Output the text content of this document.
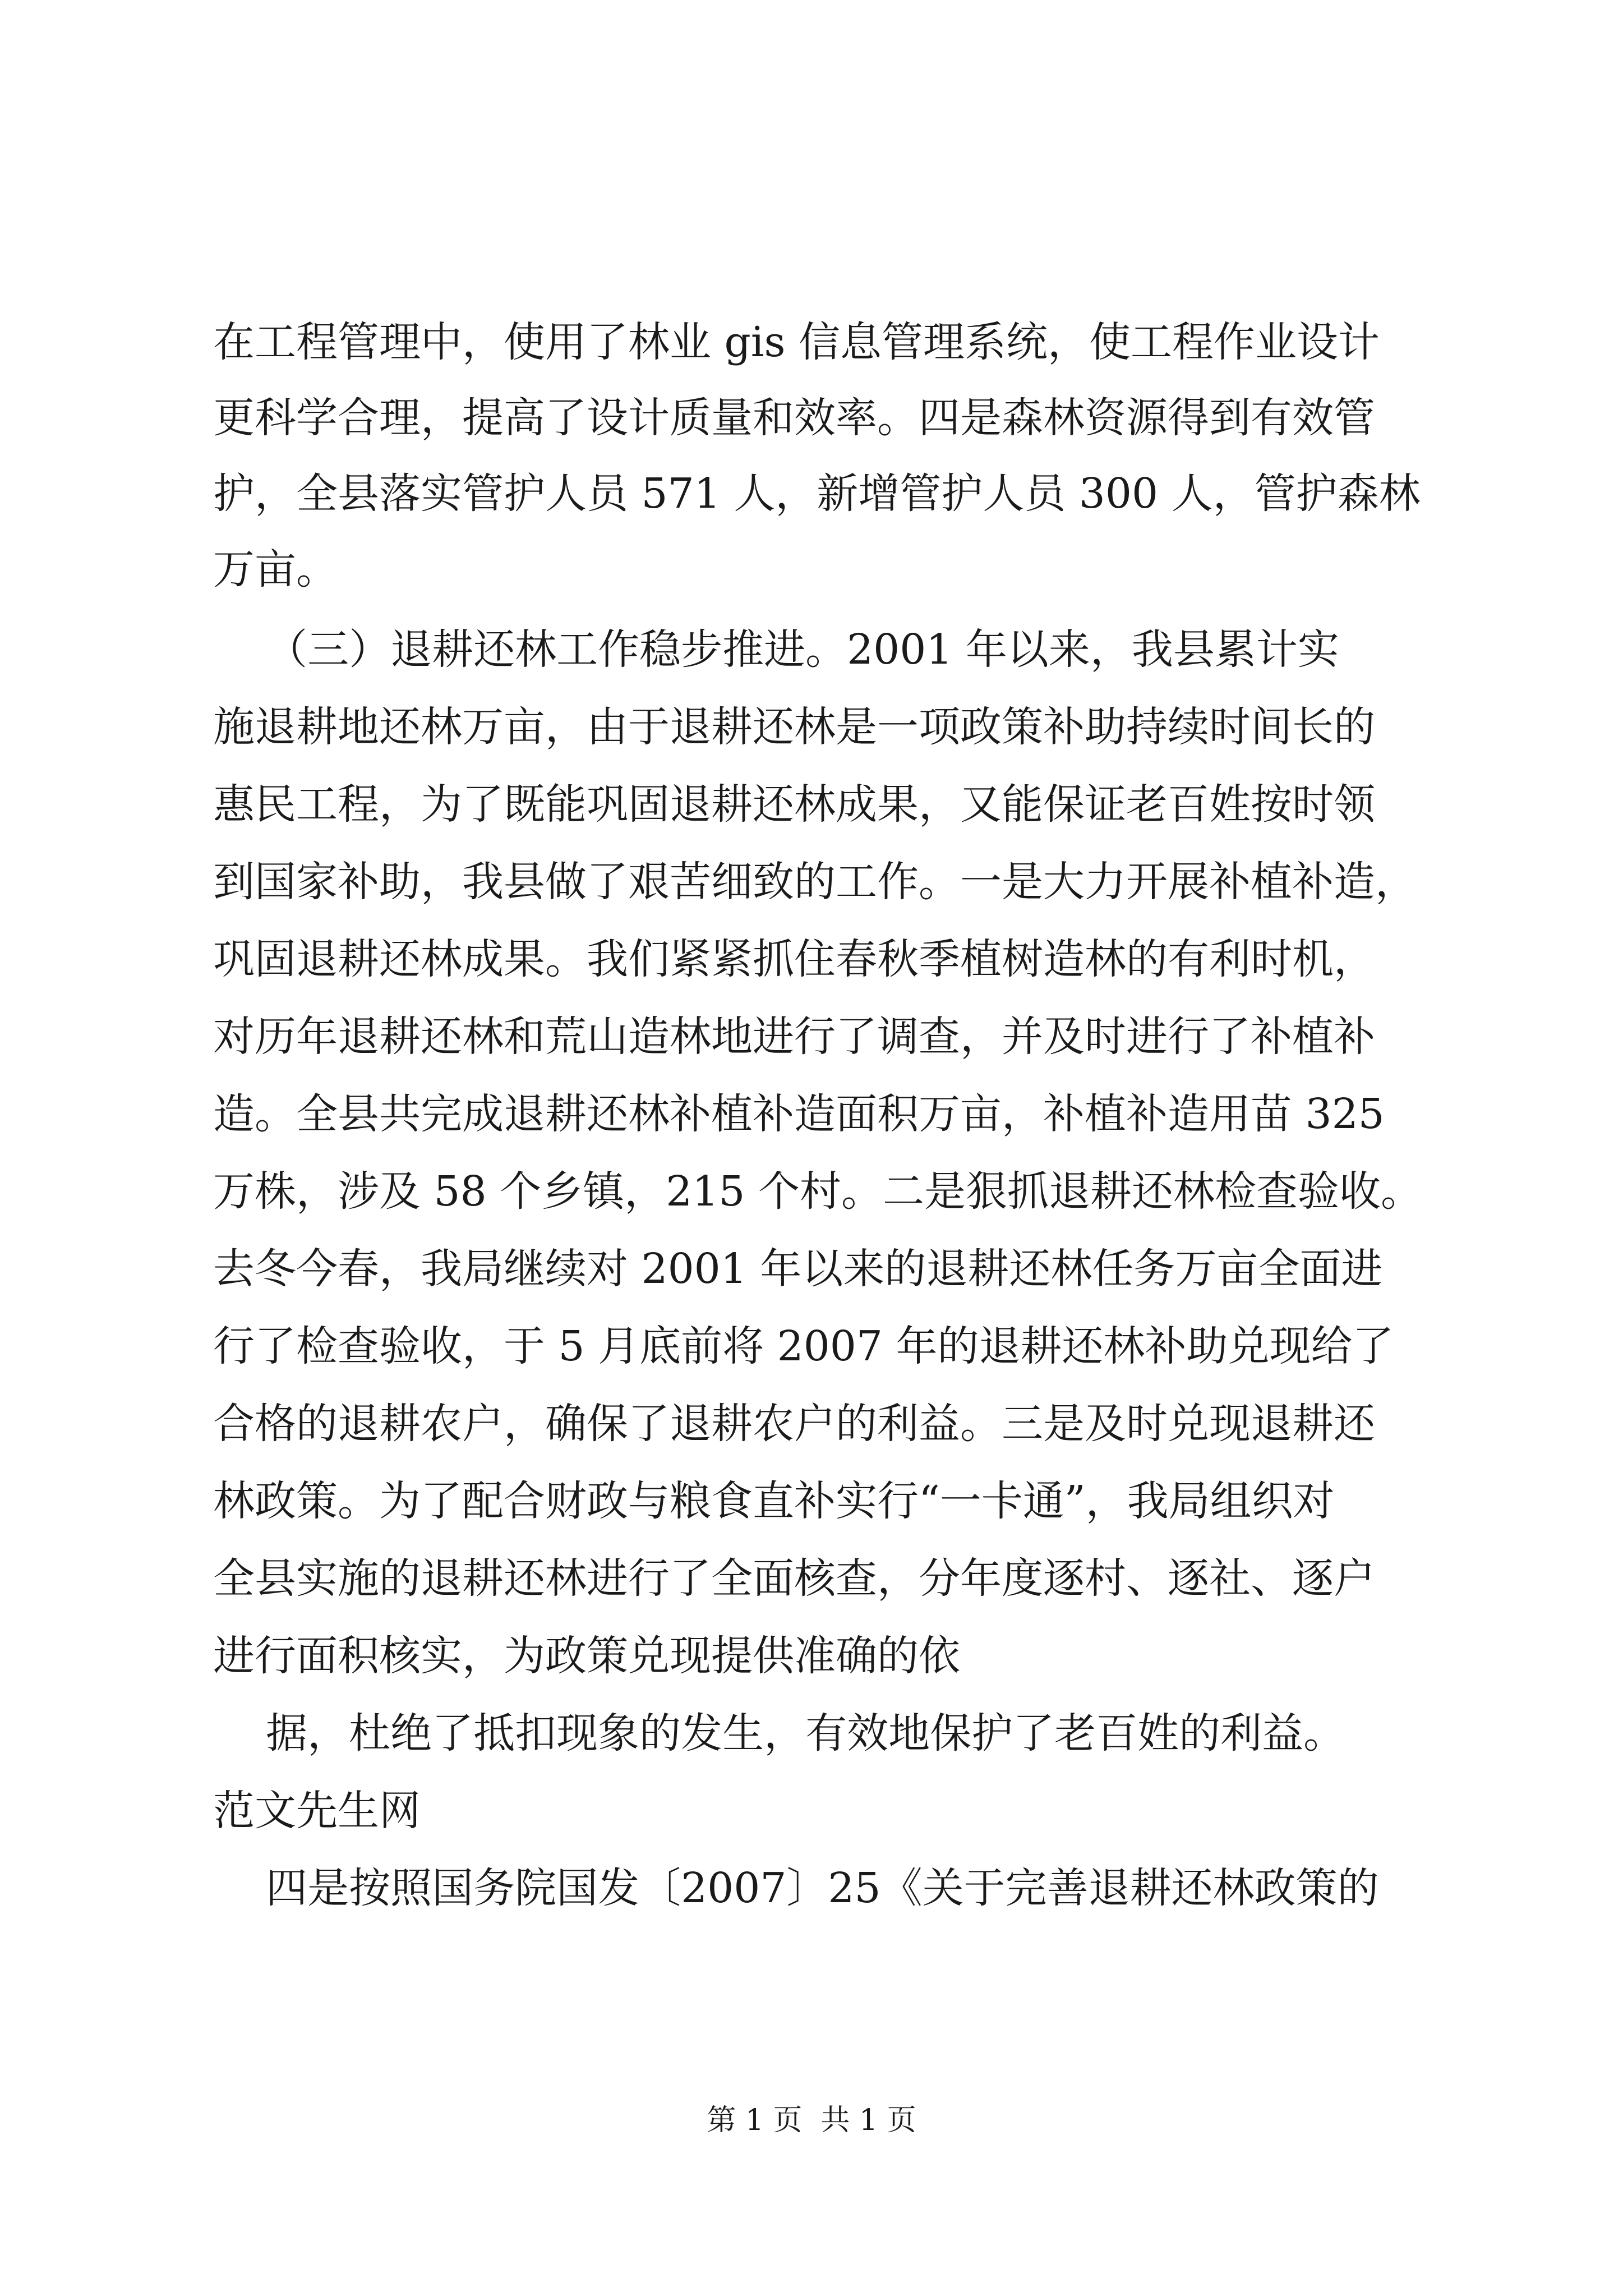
在工程管理中，使用了林业 gis 信息管理系统，使工程作业设计
更科学合理，提高了设计质量和效率。四是森林资源得到有效管
护，全县落实管护人员 571 人，新增管护人员 300 人，管护森林
万亩。
（三）退耕还林工作稳步推进。2001 年以来，我县累计实
施退耕地还林万亩，由于退耕还林是一项政策补助持续时间长的
惠民工程，为了既能巩固退耕还林成果，又能保证老百姓按时领
到国家补助，我县做了艰苦细致的工作。一是大力开展补植补造，
巩固退耕还林成果。我们紧紧抓住春秋季植树造林的有利时机，
对历年退耕还林和荒山造林地进行了调查，并及时进行了补植补
造。全县共完成退耕还林补植补造面积万亩，补植补造用苗 325
万株，涉及 58 个乡镇，215 个村。二是狠抓退耕还林检查验收。
去冬今春，我局继续对 2001 年以来的退耕还林任务万亩全面进
行了检查验收，于 5 月底前将 2007 年的退耕还林补助兑现给了
合格的退耕农户，确保了退耕农户的利益。三是及时兑现退耕还
林政策。为了配合财政与粮食直补实行“一卡通”，我局组织对
全县实施的退耕还林进行了全面核查，分年度逐村、逐社、逐户
进行面积核实，为政策兑现提供准确的依
据，杜绝了抵扣现象的发生，有效地保护了老百姓的利益。
范文先生网
四是按照国务院国发〔2007〕25《关于完善退耕还林政策的
第 1 页  共 1 页
